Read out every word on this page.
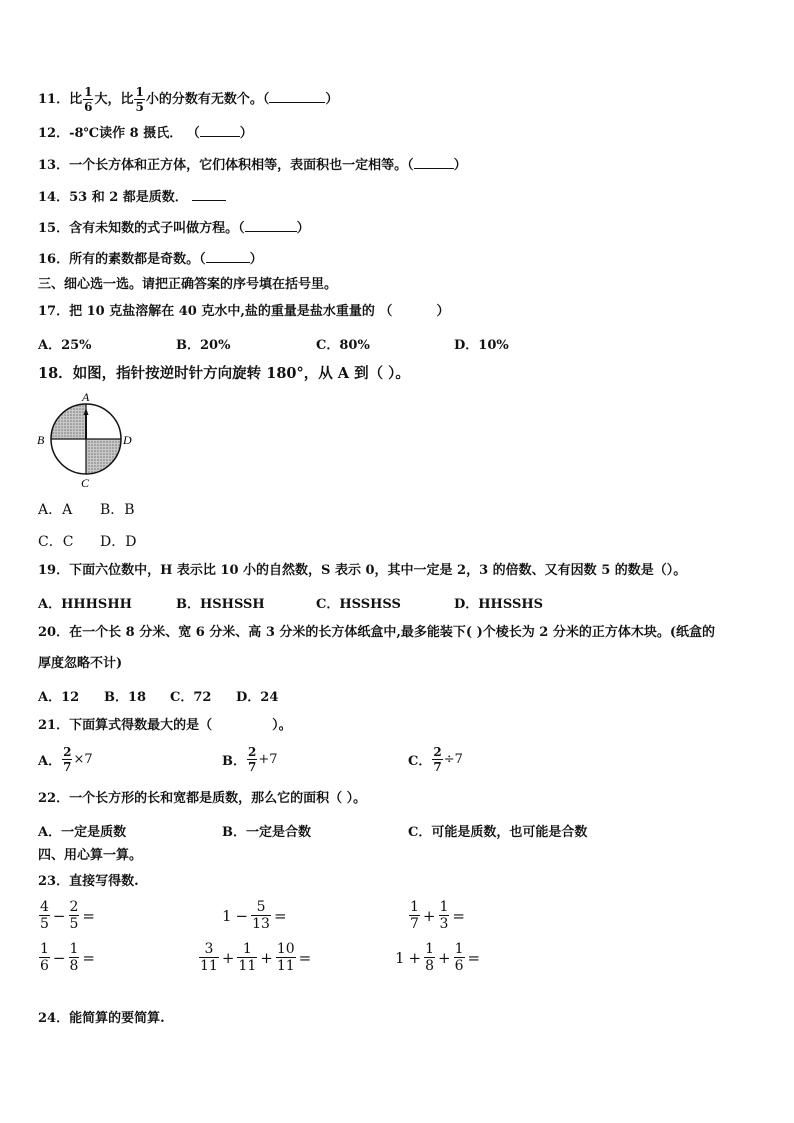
11．比 $\frac{1}{6}$ 大，比 $\frac{1}{5}$ 小的分数有无数个。（	）
12．-8℃读作 8 摄氏． （	）
13．一个长方体和正方体，它们体积相等，表面积也一定相等。（	）
14．53 和 2 都是质数．
15．含有未知数的式子叫做方程。（	）
16．所有的素数都是奇数。（	）
三、细心选一选。请把正确答案的序号填在括号里。
17．把 10 克盐溶解在 40 克水中,盐的重量是盐水重量的 （	）
A．25%	B．20%	C．80%	D．10%
18．如图，指针按逆时针方向旋转 180°，从 A 到（ ）。
A
B	D
C
A．A B．B
C．C D．D
19．下面六位数中，H 表示比 10 小的自然数，S 表示 0，其中一定是 2，3 的倍数、又有因数 5 的数是（）。
A．HHHSHH	B．HSHSSH	C．HSSHSS	D．HHSSHS
20．在一个长 8 分米、宽 6 分米、高 3 分米的长方体纸盒中,最多能装下( )个棱长为 2 分米的正方体木块。(纸盒的
厚度忽略不计)
A．12 B．18 C．72 D．24
21．下面算式得数最大的是（	）。
A． $\frac{2}{7} \times 7$	B． $\frac{2}{7} +7$	C． $\frac{2}{7} \div 7$
22．一个长方形的长和宽都是质数，那么它的面积（ ）。
A．一定是质数	B．一定是合数	C．可能是质数，也可能是合数
四、用心算一算。
23．直接写得数.
$\frac{4}{5} - \frac{2}{5}$ =	$1 - \frac{5}{13}$ =	$\frac{1}{7} + \frac{1}{3}$ =
$\frac{1}{6} - \frac{1}{8}$ =	$\frac{3}{11} + \frac{1}{11} + \frac{10}{11}$ =	$1 + \frac{1}{8} + \frac{1}{6}$ =
24．能简算的要简算.
